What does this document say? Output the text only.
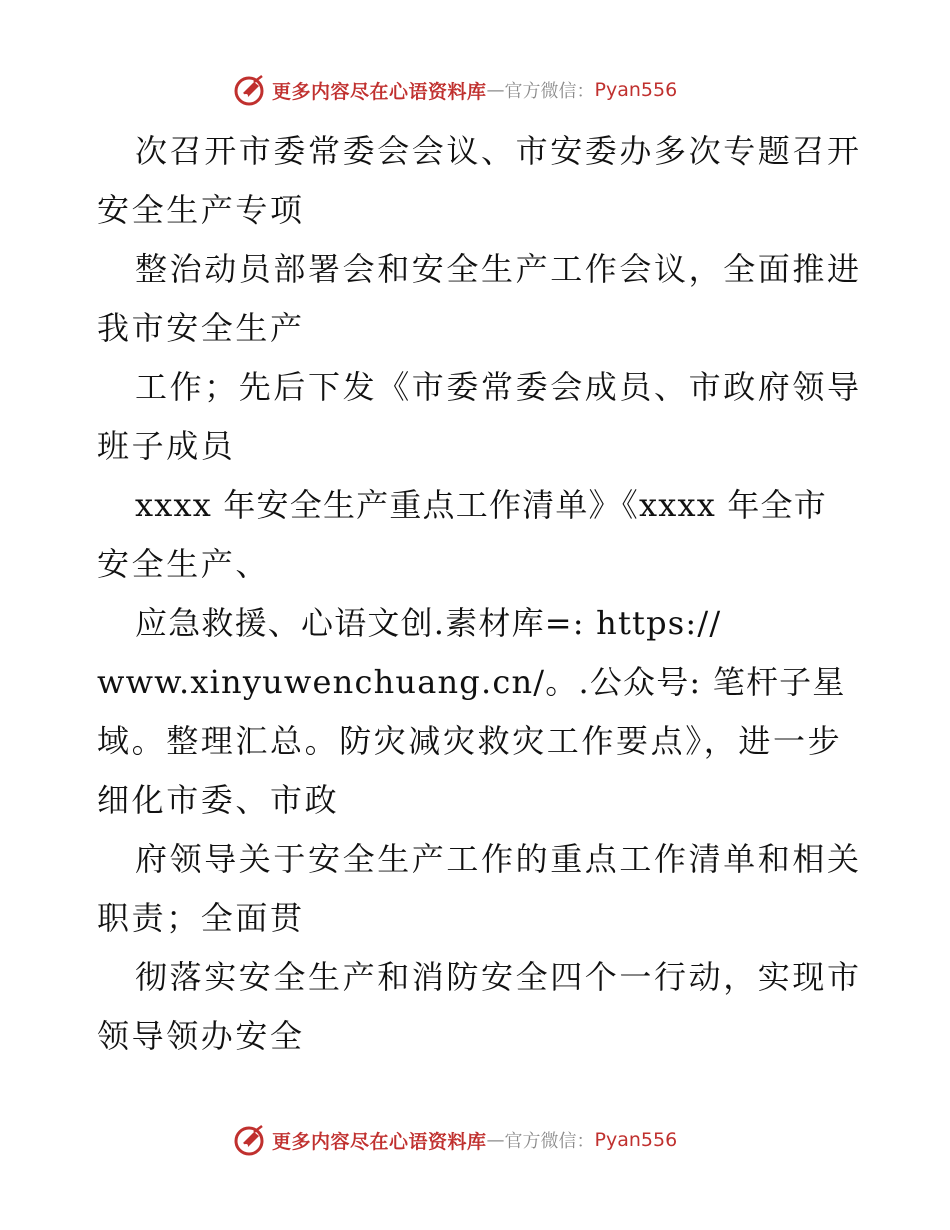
更多内容尽在心语资料库 — 官方微信： Pyan556
次召开市委常委会会议、市安委办多次专题召开
安全生产专项
整治动员部署会和安全生产工作会议，全面推进
我市安全生产
工作；先后下发《市委常委会成员、市政府领导
班子成员
xxxx 年安全生产重点工作清单》《xxxx 年全市
安全生产、
应急救援、心语文创.素材库=: https://
www.xinyuwenchuang.cn/。.公众号: 笔杆子星
域。整理汇总。防灾减灾救灾工作要点》，进一步
细化市委、市政
府领导关于安全生产工作的重点工作清单和相关
职责；全面贯
彻落实安全生产和消防安全四个一行动，实现市
领导领办安全
更多内容尽在心语资料库 — 官方微信： Pyan556
